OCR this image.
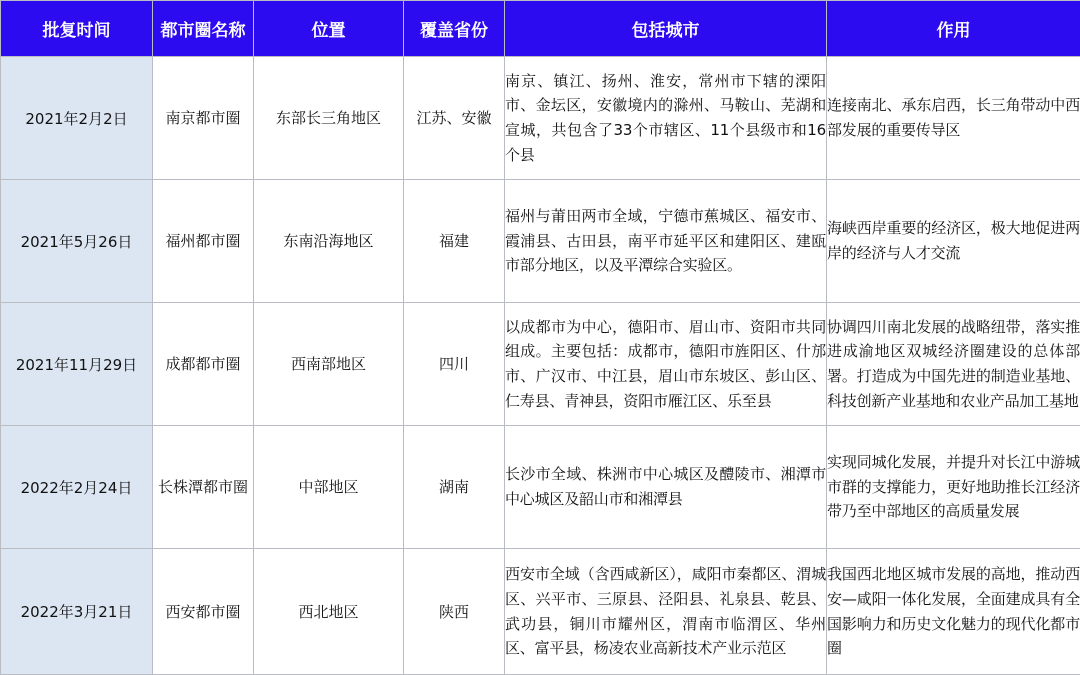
批复时间	都市圈名称	位置	覆盖省份	包括城市	作用
2021年2月2日	南京都市圈	东部长三角地区	江苏、安徽	南京、镇江、扬州、淮安，常州市下辖的溧阳市、金坛区，安徽境内的滁州、马鞍山、芜湖和宣城，共包含了33个市辖区、11个县级市和16个县	连接南北、承东启西，长三角带动中西部发展的重要传导区
2021年5月26日	福州都市圈	东南沿海地区	福建	福州与莆田两市全域，宁德市蕉城区、福安市、霞浦县、古田县，南平市延平区和建阳区、建瓯市部分地区，以及平潭综合实验区。	海峡西岸重要的经济区，极大地促进两岸的经济与人才交流
2021年11月29日	成都都市圈	西南部地区	四川	以成都市为中心，德阳市、眉山市、资阳市共同组成。主要包括：成都市，德阳市旌阳区、什邡市、广汉市、中江县，眉山市东坡区、彭山区、仁寿县、青神县，资阳市雁江区、乐至县	协调四川南北发展的战略纽带，落实推进成渝地区双城经济圈建设的总体部署。打造成为中国先进的制造业基地、科技创新产业基地和农业产品加工基地
2022年2月24日	长株潭都市圈	中部地区	湖南	长沙市全域、株洲市中心城区及醴陵市、湘潭市中心城区及韶山市和湘潭县	实现同城化发展，并提升对长江中游城市群的支撑能力，更好地助推长江经济带乃至中部地区的高质量发展
2022年3月21日	西安都市圈	西北地区	陕西	西安市全域（含西咸新区），咸阳市秦都区、渭城区、兴平市、三原县、泾阳县、礼泉县、乾县、武功县，铜川市耀州区，渭南市临渭区、华州区、富平县，杨凌农业高新技术产业示范区	我国西北地区城市发展的高地，推动西安—咸阳一体化发展，全面建成具有全国影响力和历史文化魅力的现代化都市圈
